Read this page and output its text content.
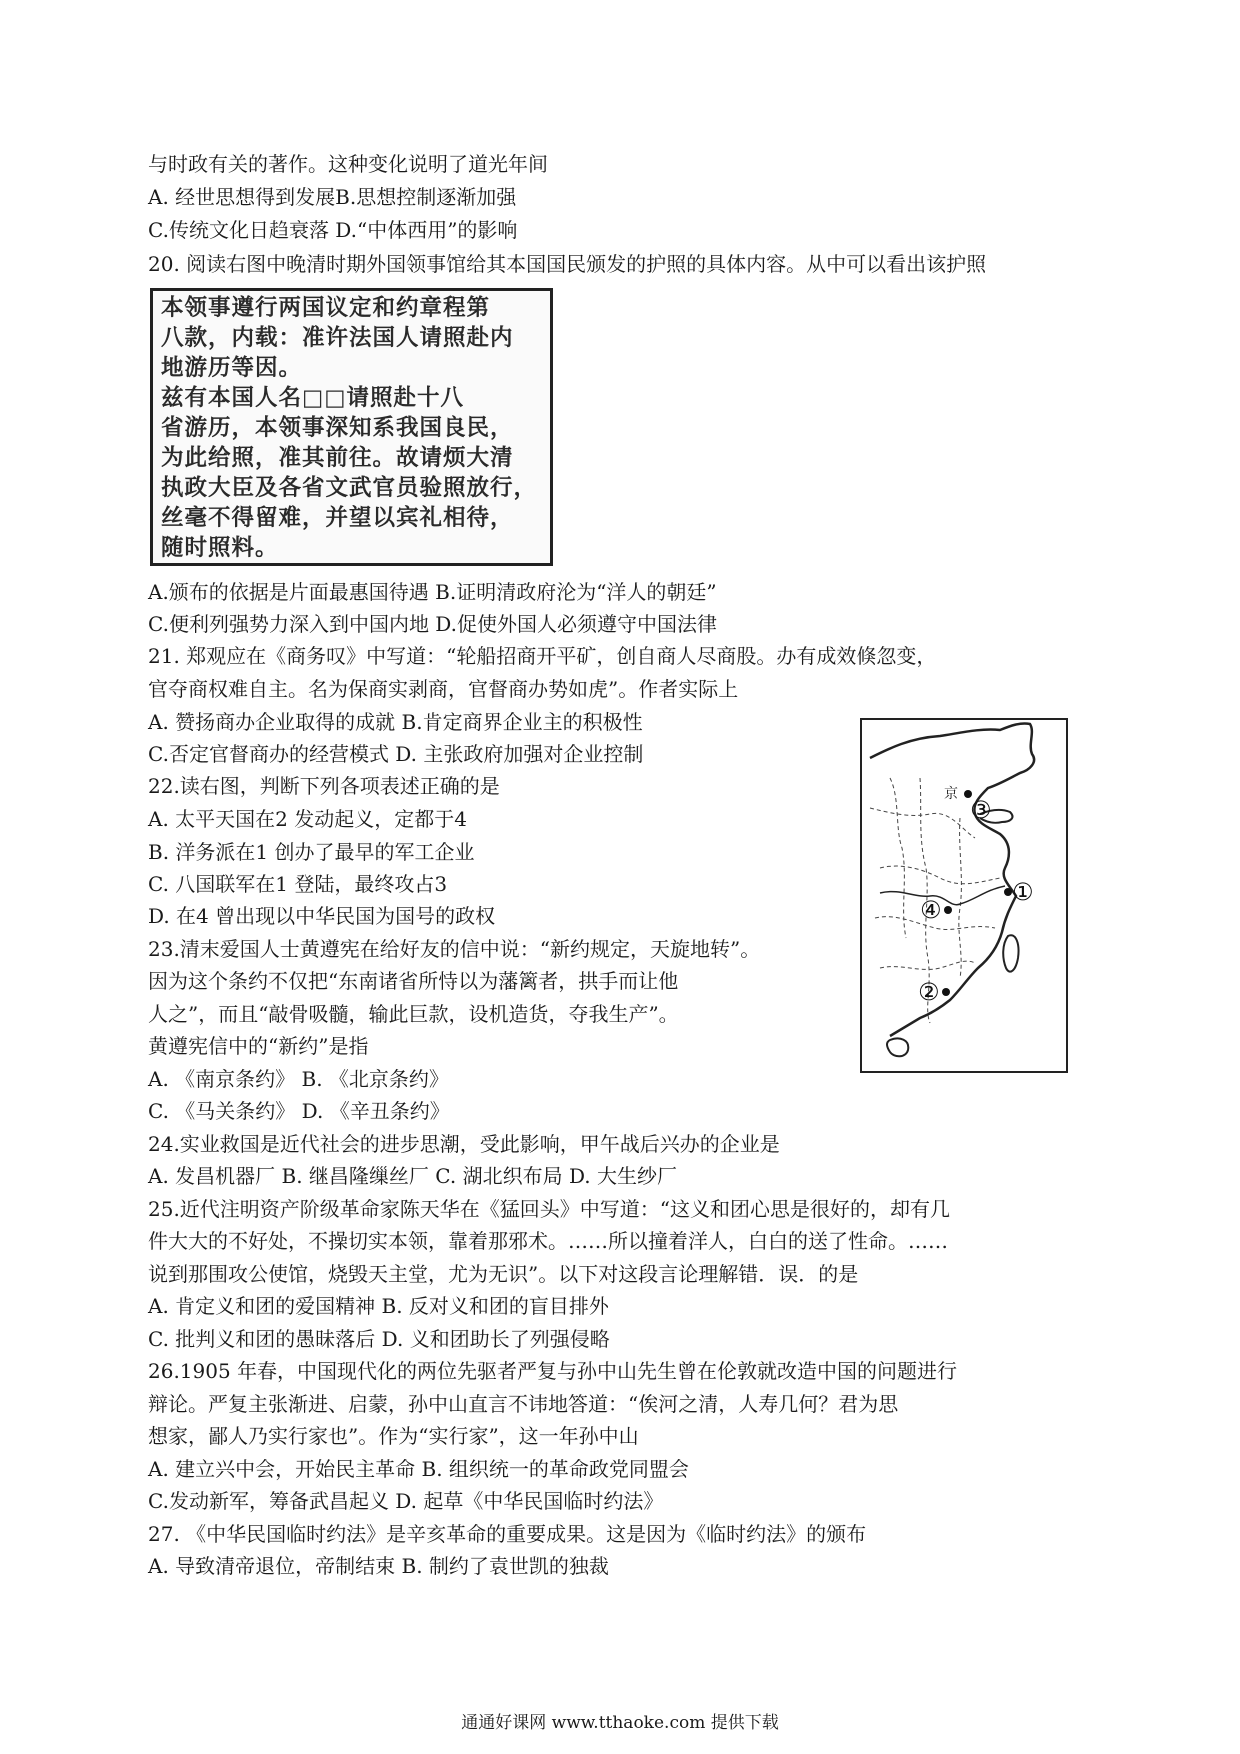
与时政有关的著作。这种变化说明了道光年间
A. 经世思想得到发展B.思想控制逐渐加强
C.传统文化日趋衰落 D.“中体西用”的影响
20. 阅读右图中晚清时期外国领事馆给其本国国民颁发的护照的具体内容。从中可以看出该护照
本领事遵行两国议定和约章程第
八款，内载：准许法国人请照赴内
地游历等因。
兹有本国人名□□请照赴十八
省游历，本领事深知系我国良民，
为此给照，准其前往。故请烦大清
执政大臣及各省文武官员验照放行，
丝毫不得留难，并望以宾礼相待，
随时照料。
A.颁布的依据是片面最惠国待遇 B.证明清政府沦为“洋人的朝廷”
C.便利列强势力深入到中国内地 D.促使外国人必须遵守中国法律
21. 郑观应在《商务叹》中写道：“轮船招商开平矿，创自商人尽商股。办有成效倏忽变，
官夺商权难自主。名为保商实剥商，官督商办势如虎”。作者实际上
A. 赞扬商办企业取得的成就 B.肯定商界企业主的积极性
C.否定官督商办的经营模式 D. 主张政府加强对企业控制
22.读右图，判断下列各项表述正确的是
A. 太平天国在2 发动起义，定都于4
B. 洋务派在1 创办了最早的军工企业
C. 八国联军在1 登陆，最终攻占3
D. 在4 曾出现以中华民国为国号的政权
23.清末爱国人士黄遵宪在给好友的信中说：“新约规定，天旋地转”。
因为这个条约不仅把“东南诸省所恃以为藩篱者，拱手而让他
人之”，而且“敲骨吸髓，输此巨款，设机造货，夺我生产”。
黄遵宪信中的“新约”是指
A. 《南京条约》 B. 《北京条约》
C. 《马关条约》 D. 《辛丑条约》
24.实业救国是近代社会的进步思潮，受此影响，甲午战后兴办的企业是
A. 发昌机器厂 B. 继昌隆缫丝厂 C. 湖北织布局 D. 大生纱厂
25.近代注明资产阶级革命家陈天华在《猛回头》中写道：“这义和团心思是很好的，却有几
件大大的不好处，不操切实本领，靠着那邪术。……所以撞着洋人，白白的送了性命。……
说到那围攻公使馆，烧毁天主堂，尤为无识”。以下对这段言论理解错．误．的是
A. 肯定义和团的爱国精神 B. 反对义和团的盲目排外
C. 批判义和团的愚昧落后 D. 义和团助长了列强侵略
26.1905 年春，中国现代化的两位先驱者严复与孙中山先生曾在伦敦就改造中国的问题进行
辩论。严复主张渐进、启蒙，孙中山直言不讳地答道：“俟河之清，人寿几何？君为思
想家，鄙人乃实行家也”。作为“实行家”，这一年孙中山
A. 建立兴中会，开始民主革命 B. 组织统一的革命政党同盟会
C.发动新军，筹备武昌起义 D. 起草《中华民国临时约法》
27. 《中华民国临时约法》是辛亥革命的重要成果。这是因为《临时约法》的颁布
A. 导致清帝退位，帝制结束 B. 制约了袁世凯的独裁
京
③
①
④
②
通通好课网 www.tthaoke.com 提供下载
